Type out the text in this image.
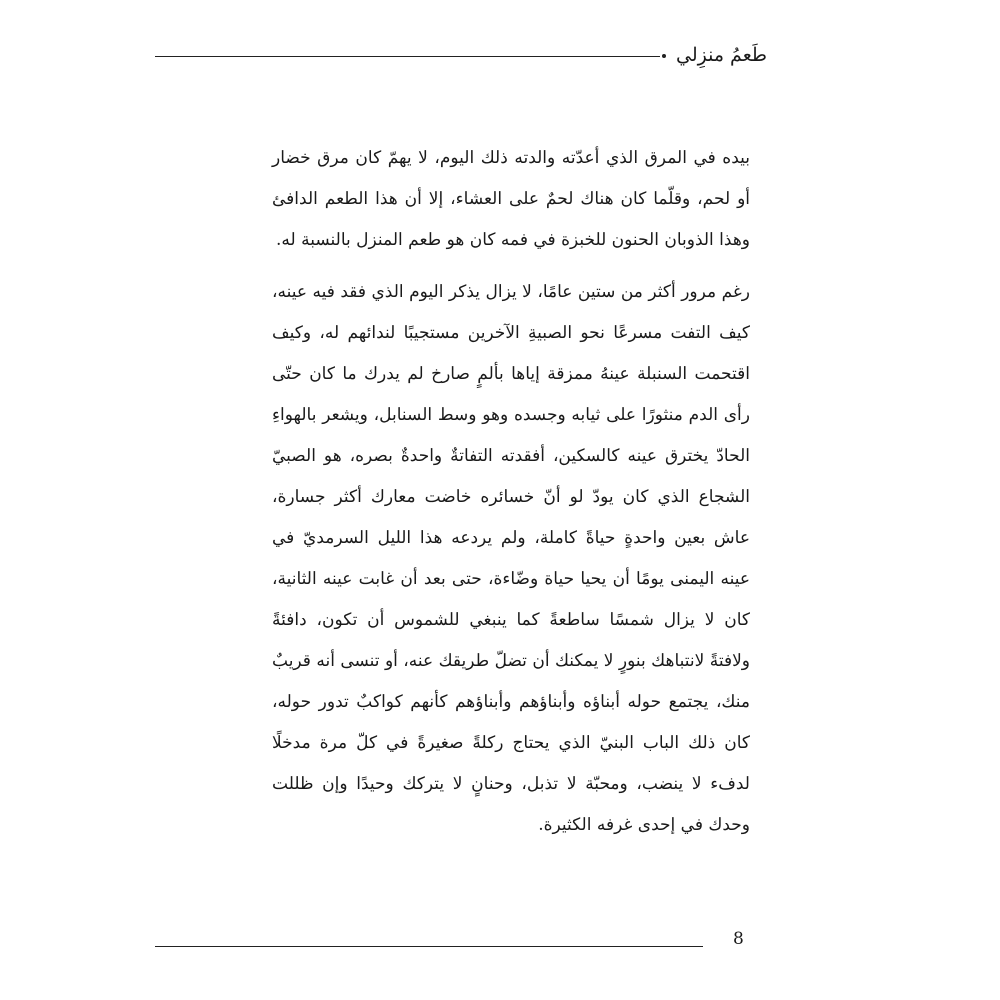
طَعمُ منزِلي

بيده في المرق الذي أعدّته والدته ذلك اليوم، لا يهمّ كان مرق خضار أو لحم، وقلّما كان هناك لحمٌ على العشاء، إلا أن هذا الطعم الدافئ وهذا الذوبان الحنون للخبزة في فمه كان هو طعم المنزل بالنسبة له.

رغم مرور أكثر من ستين عامًا، لا يزال يذكر اليوم الذي فقد فيه عينه، كيف التفت مسرعًا نحو الصبيةِ الآخرين مستجيبًا لندائهم له، وكيف اقتحمت السنبلة عينهُ ممزقة إياها بألمٍ صارخ لم يدرك ما كان حتّى رأى الدم منثورًا على ثيابه وجسده وهو وسط السنابل، ويشعر بالهواءِ الحادّ يخترق عينه كالسكين، أفقدته التفاتةٌ واحدةٌ بصره، هو الصبيّ الشجاع الذي كان يودّ لو أنّ خسائره خاضت معارك أكثر جسارة، عاش بعين واحدةٍ حياةً كاملة، ولم يردعه هذا الليل السرمديّ في عينه اليمنى يومًا أن يحيا حياة وضّاءة، حتى بعد أن غابت عينه الثانية، كان لا يزال شمسًا ساطعةً كما ينبغي للشموس أن تكون، دافئةً ولافتةً لانتباهك بنورٍ لا يمكنك أن تضلّ طريقك عنه، أو تنسى أنه قريبٌ منك، يجتمع حوله أبناؤه وأبناؤهم وأبناؤهم كأنهم كواكبٌ تدور حوله، كان ذلك الباب البنيّ الذي يحتاج ركلةً صغيرةً في كلّ مرة مدخلًا لدفء لا ينضب، ومحبّة لا تذبل، وحنانٍ لا يتركك وحيدًا وإن ظللت وحدك في إحدى غرفه الكثيرة.

8
